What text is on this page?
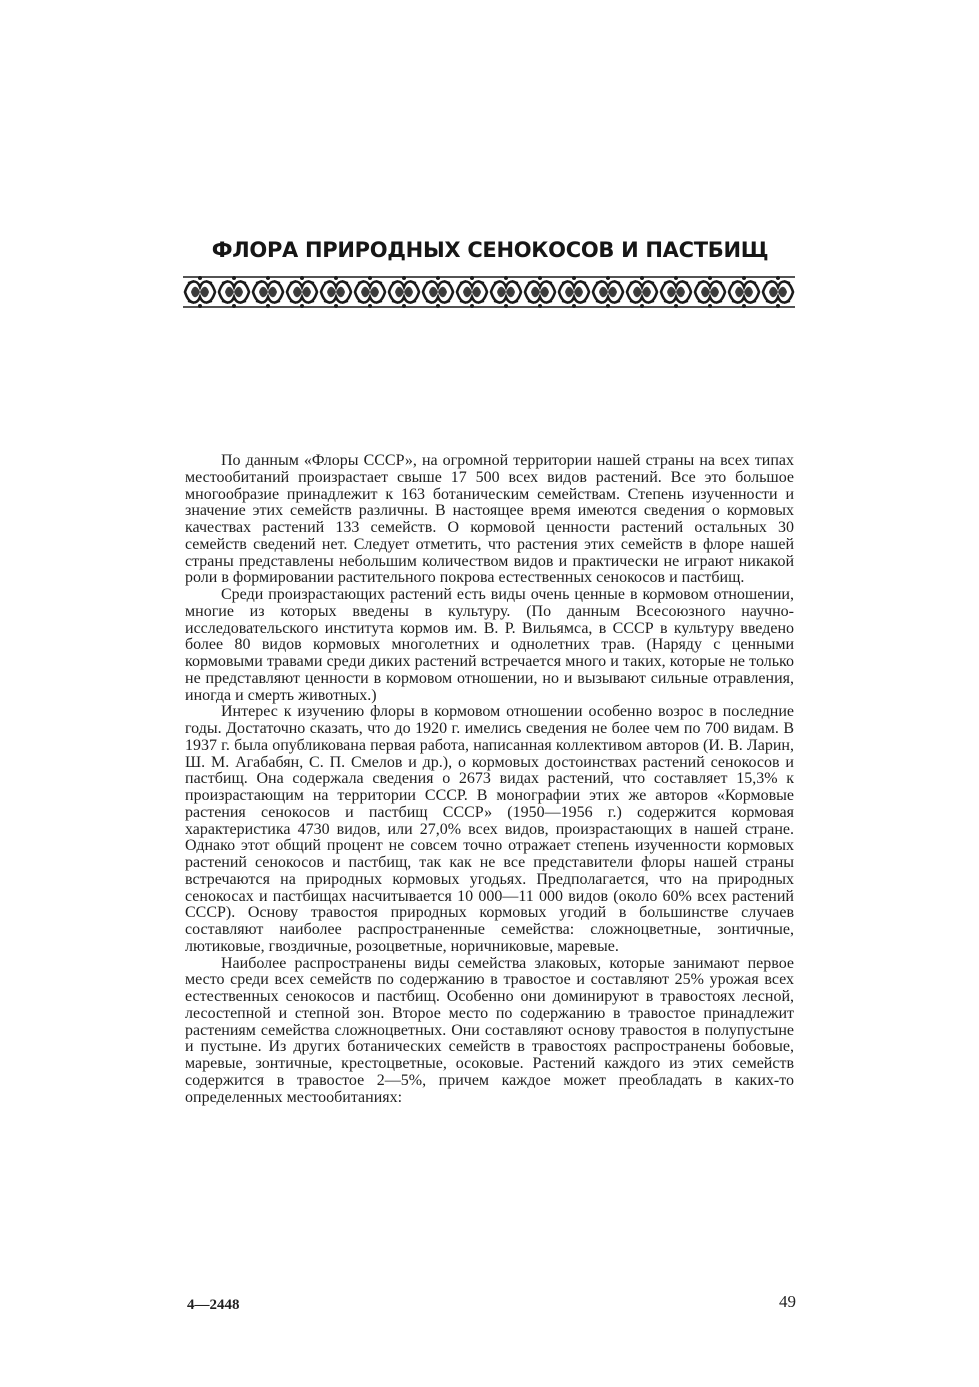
ФЛОРА ПРИРОДНЫХ СЕНОКОСОВ И ПАСТБИЩ

По данным «Флоры СССР», на огромной территории нашей страны на всех типах местообитаний произрастает свыше 17 500 всех видов растений. Все это большое многообразие принадлежит к 163 ботаническим семействам. Степень изученности и значение этих семейств различны. В настоящее время имеются сведения о кормовых качествах растений 133 семейств. О кормовой ценности растений остальных 30 семейств сведений нет. Следует отметить, что растения этих семейств в флоре нашей страны представлены небольшим количеством видов и практически не играют никакой роли в формировании растительного покрова естественных сенокосов и пастбищ.

Среди произрастающих растений есть виды очень ценные в кормовом отношении, многие из которых введены в культуру. (По данным Всесоюзного научно-исследовательского института кормов им. В. Р. Вильямса, в СССР в культуру введено более 80 видов кормовых многолетних и однолетних трав. (Наряду с ценными кормовыми травами среди диких растений встречается много и таких, которые не только не представляют ценности в кормовом отношении, но и вызывают сильные отравления, иногда и смерть животных.)

Интерес к изучению флоры в кормовом отношении особенно возрос в последние годы. Достаточно сказать, что до 1920 г. имелись сведения не более чем по 700 видам. В 1937 г. была опубликована первая работа, написанная коллективом авторов (И. В. Ларин, Ш. М. Агабабян, С. П. Смелов и др.), о кормовых достоинствах растений сенокосов и пастбищ. Она содержала сведения о 2673 видах растений, что составляет 15,3% к произрастающим на территории СССР. В монографии этих же авторов «Кормовые растения сенокосов и пастбищ СССР» (1950—1956 г.) содержится кормовая характеристика 4730 видов, или 27,0% всех видов, произрастающих в нашей стране. Однако этот общий процент не совсем точно отражает степень изученности кормовых растений сенокосов и пастбищ, так как не все представители флоры нашей страны встречаются на природных кормовых угодьях. Предполагается, что на природных сенокосах и пастбищах насчитывается 10 000—11 000 видов (около 60% всех растений СССР). Основу травостоя природных кормовых угодий в большинстве случаев составляют наиболее распространенные семейства: сложноцветные, зонтичные, лютиковые, гвоздичные, розоцветные, норичниковые, маревые.

Наиболее распространены виды семейства злаковых, которые занимают первое место среди всех семейств по содержанию в травостое и составляют 25% урожая всех естественных сенокосов и пастбищ. Особенно они доминируют в травостоях лесной, лесостепной и степной зон. Второе место по содержанию в травостое принадлежит растениям семейства сложноцветных. Они составляют основу травостоя в полупустыне и пустыне. Из других ботанических семейств в травостоях распространены бобовые, маревые, зонтичные, крестоцветные, осоковые. Растений каждого из этих семейств содержится в травостое 2—5%, причем каждое может преобладать в каких-то определенных местообитаниях:

4—2448	49
